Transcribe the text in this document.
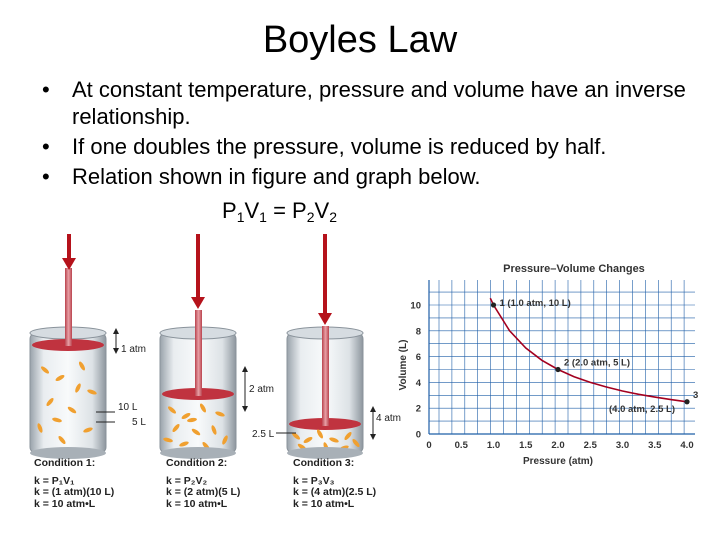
Boyles Law
• At constant temperature, pressure and volume have an inverse relationship.
• If one doubles the pressure, volume is reduced by half.
• Relation shown in figure and graph below.
$P_1V_1 = P_2V_2$
1 atm
10 L
5 L
2 atm
4 atm
2.5 L
Condition 1:
k = P₁V₁
k = (1 atm)(10 L)
k = 10 atm•L
Condition 2:
k = P₂V₂
k = (2 atm)(5 L)
k = 10 atm•L
Condition 3:
k = P₃V₃
k = (4 atm)(2.5 L)
k = 10 atm•L
0 0.5 1.0 1.5 2.0 2.5 3.0 3.5 4.0
0
2
4
6
8
10
Pressure–Volume Changes
Pressure (atm)
Volume (L)
1 (1.0 atm, 10 L)
2 (2.0 atm, 5 L)
3
(4.0 atm, 2.5 L)
